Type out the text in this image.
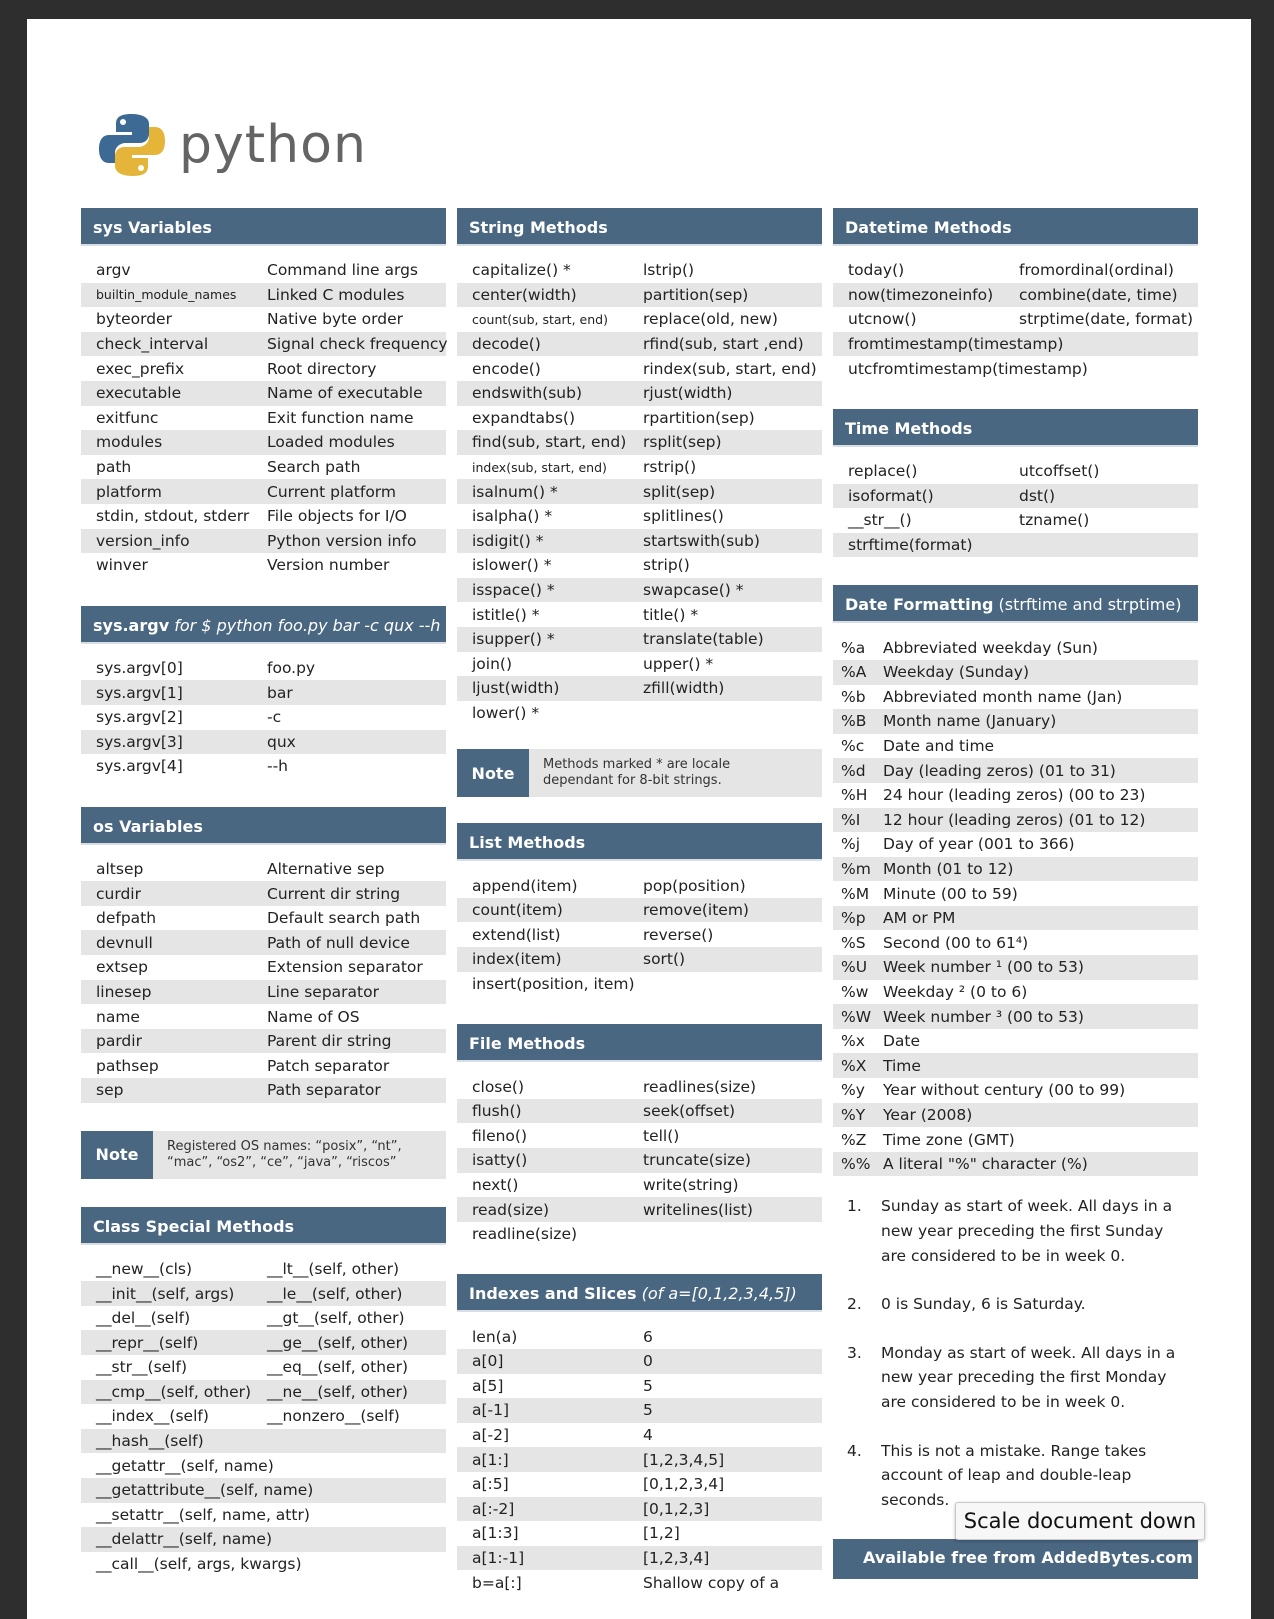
python
sys Variables
argv	Command line args
builtin_module_names	Linked C modules
byteorder	Native byte order
check_interval	Signal check frequency
exec_prefix	Root directory
executable	Name of executable
exitfunc	Exit function name
modules	Loaded modules
path	Search path
platform	Current platform
stdin, stdout, stderr	File objects for I/O
version_info	Python version info
winver	Version number
sys.argv for $ python foo.py bar -c qux --h
sys.argv[0]	foo.py
sys.argv[1]	bar
sys.argv[2]	-c
sys.argv[3]	qux
sys.argv[4]	--h
os Variables
altsep	Alternative sep
curdir	Current dir string
defpath	Default search path
devnull	Path of null device
extsep	Extension separator
linesep	Line separator
name	Name of OS
pardir	Parent dir string
pathsep	Patch separator
sep	Path separator
Note	Registered OS names: “posix”, “nt”,
“mac”, “os2”, “ce”, “java”, “riscos”
Class Special Methods
__new__(cls)	__lt__(self, other)
__init__(self, args)	__le__(self, other)
__del__(self)	__gt__(self, other)
__repr__(self)	__ge__(self, other)
__str__(self)	__eq__(self, other)
__cmp__(self, other)	__ne__(self, other)
__index__(self)	__nonzero__(self)
__hash__(self)
__getattr__(self, name)
__getattribute__(self, name)
__setattr__(self, name, attr)
__delattr__(self, name)
__call__(self, args, kwargs)
String Methods
capitalize() *	lstrip()
center(width)	partition(sep)
count(sub, start, end)	replace(old, new)
decode()	rfind(sub, start ,end)
encode()	rindex(sub, start, end)
endswith(sub)	rjust(width)
expandtabs()	rpartition(sep)
find(sub, start, end)	rsplit(sep)
index(sub, start, end)	rstrip()
isalnum() *	split(sep)
isalpha() *	splitlines()
isdigit() *	startswith(sub)
islower() *	strip()
isspace() *	swapcase() *
istitle() *	title() *
isupper() *	translate(table)
join()	upper() *
ljust(width)	zfill(width)
lower() *
Note	Methods marked * are locale
dependant for 8-bit strings.
List Methods
append(item)	pop(position)
count(item)	remove(item)
extend(list)	reverse()
index(item)	sort()
insert(position, item)
File Methods
close()	readlines(size)
flush()	seek(offset)
fileno()	tell()
isatty()	truncate(size)
next()	write(string)
read(size)	writelines(list)
readline(size)
Indexes and Slices (of a=[0,1,2,3,4,5])
len(a)	6
a[0]	0
a[5]	5
a[-1]	5
a[-2]	4
a[1:]	[1,2,3,4,5]
a[:5]	[0,1,2,3,4]
a[:-2]	[0,1,2,3]
a[1:3]	[1,2]
a[1:-1]	[1,2,3,4]
b=a[:]	Shallow copy of a
Datetime Methods
today()	fromordinal(ordinal)
now(timezoneinfo)	combine(date, time)
utcnow()	strptime(date, format)
fromtimestamp(timestamp)
utcfromtimestamp(timestamp)
Time Methods
replace()	utcoffset()
isoformat()	dst()
__str__()	tzname()
strftime(format)
Date Formatting (strftime and strptime)
%a	Abbreviated weekday (Sun)
%A	Weekday (Sunday)
%b	Abbreviated month name (Jan)
%B	Month name (January)
%c	Date and time
%d	Day (leading zeros) (01 to 31)
%H	24 hour (leading zeros) (00 to 23)
%I	12 hour (leading zeros) (01 to 12)
%j	Day of year (001 to 366)
%m Month (01 to 12)
%M Minute (00 to 59)
%p	AM or PM
%S	Second (00 to 61⁴)
%U	Week number ¹ (00 to 53)
%w Weekday ² (0 to 6)
%W Week number ³ (00 to 53)
%x	Date
%X	Time
%y	Year without century (00 to 99)
%Y	Year (2008)
%Z	Time zone (GMT)
%% A literal "%" character (%)
1.	Sunday as start of week. All days in a new year preceding the first Sunday are considered to be in week 0.
2.	0 is Sunday, 6 is Saturday.
3.	Monday as start of week. All days in a new year preceding the first Monday are considered to be in week 0.
4.	This is not a mistake. Range takes account of leap and double-leap seconds.
Available free from AddedBytes.com
Scale document down
